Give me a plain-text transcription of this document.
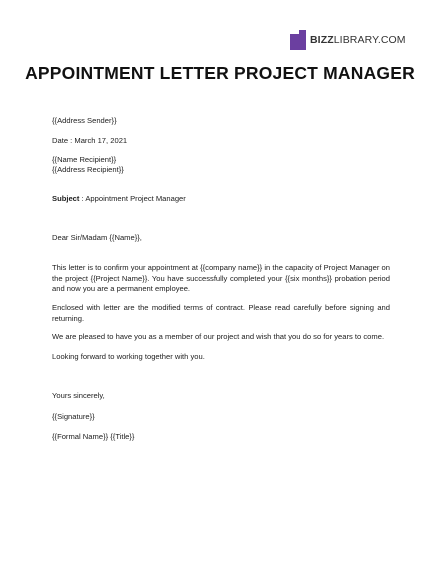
BIZZLIBRARY.COM
APPOINTMENT LETTER PROJECT MANAGER
{{Address Sender}}
Date : March 17, 2021
{{Name Recipient}}
{{Address Recipient}}
Subject : Appointment Project Manager
Dear Sir/Madam {{Name}},
This letter is to confirm your appointment at {{company name}} in the capacity of Project Manager on the project {{Project Name}}. You have successfully completed your {{six months}} probation period and now you are a permanent employee.
Enclosed with letter are the modified terms of contract. Please read carefully before signing and returning.
We are pleased to have you as a member of our project and wish that you do so for years to come.
Looking forward to working together with you.
Yours sincerely,
{{Signature}}
{{Formal Name}} {{Title}}
